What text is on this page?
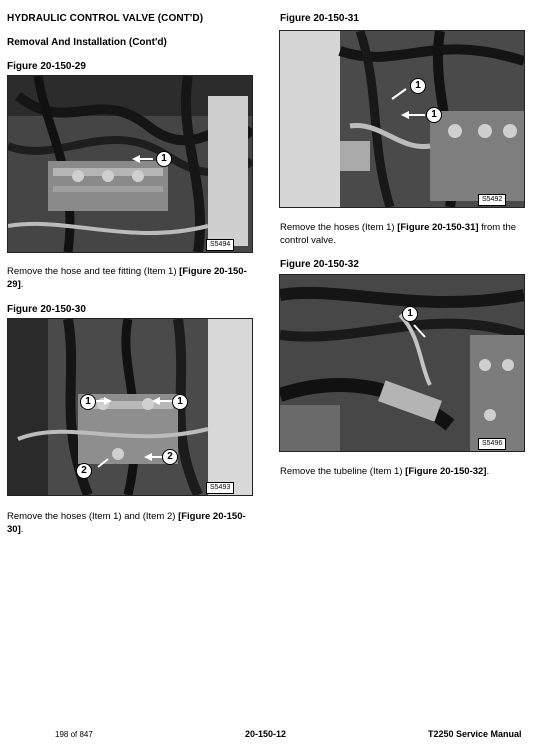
HYDRAULIC CONTROL VALVE (CONT'D)
Removal And Installation (Cont'd)
Figure 20-150-29
1
S5494
Remove the hose and tee fitting (Item 1) [Figure 20-150-29].
Figure 20-150-30
1	1
2
2
S5493
Remove the hoses (Item 1) and (Item 2) [Figure 20-150-30].
Figure 20-150-31
1
1
S5492
Remove the hoses (Item 1) [Figure 20-150-31] from the control valve.
Figure 20-150-32
1
S5496
Remove the tubeline (Item 1) [Figure 20-150-32].
198 of 847	20-150-12	T2250 Service Manual
